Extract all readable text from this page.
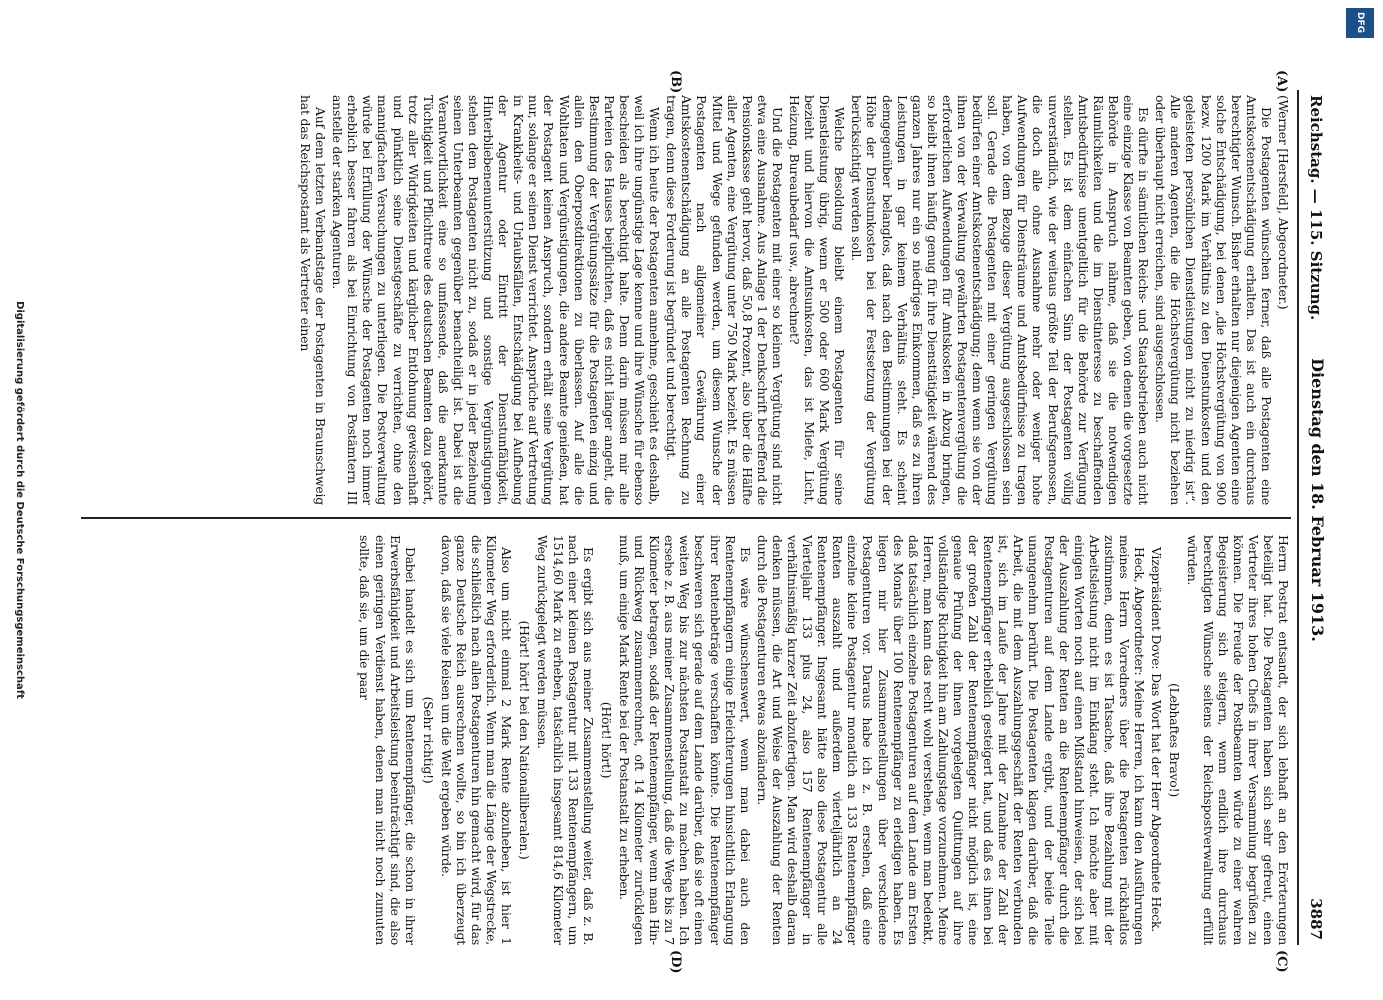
Reichstag. — 115. Sitzung.
Dienstag den 18. Februar 1913.
3887
(A)
(B)
(C)
(D)

(Werner [Hersfeld], Abgeordneter.)

Die Postagenten wünschen ferner, daß alle Postagenten eine Amtskostenentschädigung erhalten. Das ist auch ein durchaus berechtigter Wunsch. Bisher erhalten nur diejenigen Agenten eine solche Entschädigung, bei denen „die Höchstvergütung von 900 bezw. 1200 Mark im Verhältnis zu den Dienstunkosten und den geleisteten persönlichen Dienstleistungen nicht zu niedrig ist“. Alle anderen Agenten, die die Höchstvergütung nicht beziehen oder überhaupt nicht erreichen, sind ausgeschlossen.

Es dürfte in sämtlichen Reichs- und Staatsbetrieben auch nicht eine einzige Klasse von Beamten geben, von denen die vorgesetzte Behörde in Anspruch nähme, daß sie die notwendigen Räumlichkeiten und die im Dienstinteresse zu beschaffenden Amtsbedürfnisse unentgeltlich für die Behörde zur Verfügung stellen. Es ist dem einfachen Sinn der Postagenten völlig unverständlich, wie der weitaus größte Teil der Berufsgenossen, die doch alle ohne Ausnahme mehr oder weniger hohe Aufwendungen für Diensträume und Amtsbedürfnisse zu tragen haben, von dem Bezuge dieser Vergütung ausgeschlossen sein soll. Gerade die Postagenten mit einer geringen Vergütung bedürfen einer Amtskostenentschädigung; denn wenn sie von der ihnen von der Verwaltung gewährten Postagentenvergütung die erforderlichen Aufwendungen für Amtskosten in Abzug bringen, so bleibt ihnen häufig genug für ihre Diensttätigkeit während des ganzen Jahres nur ein so niedriges Einkommen, daß es zu ihren Leistungen in gar keinem Verhältnis steht. Es scheint demgegenüber belanglos, daß nach den Bestimmungen bei der Höhe der Dienstunkosten bei der Festsetzung der Vergütung berücksichtigt werden soll.

Welche Besoldung bleibt einem Postagenten für seine Dienstleistung übrig, wenn er 500 oder 600 Mark Vergütung bezieht und hiervon die Amtsunkosten, das ist Miete, Licht, Heizung, Bureaubedarf usw., abrechnet?

Und die Postagenten mit einer so kleinen Vergütung sind nicht etwa eine Ausnahme. Aus Anlage 1 der Denkschrift betreffend die Pensionskasse geht hervor, daß 50,8 Prozent, also über die Hälfte aller Agenten, eine Vergütung unter 750 Mark bezieht. Es müssen Mittel und Wege gefunden werden, um diesem Wunsche der Postagenten nach allgemeiner Gewährung einer Amtskostenentschädigung an alle Postagenten Rechnung zu tragen, denn diese Forderung ist begründet und berechtigt.

Wenn ich heute der Postagenten annehme, geschieht es deshalb, weil ich ihre ungünstige Lage kenne und ihre Wünsche für ebenso bescheiden als berechtigt halte. Denn darin müssen mir alle Parteien des Hauses beipflichten, daß es nicht länger angeht, die Bestimmung der Vergütungssätze für die Postagenten einzig und allein den Oberpostdirektionen zu überlassen. Auf alle die Wohltaten und Vergünstigungen, die andere Beamte genießen, hat der Postagent keinen Anspruch, sondern erhält seine Vergütung nur, solange er seinen Dienst verrichtet. Ansprüche auf Vertretung in Krankheits- und Urlaubsfällen, Entschädigung bei Aufhebung der Agentur oder Eintritt der Dienstunfähigkeit, Hinterbliebenenunterstützung und sonstige Vergünstigungen stehen dem Postagenten nicht zu, sodaß er in jeder Beziehung seinen Unterbeamten gegenüber benachteiligt ist. Dabei ist die Verantwortlichkeit eine so umfassende, daß die anerkannte Tüchtigkeit und Pflichttreue des deutschen Beamten dazu gehört, trotz aller Widrigkeiten und kärglicher Entlohnung gewissenhaft und pünktlich seine Dienstgeschäfte zu verrichten, ohne den mannigfachen Versuchungen zu unterliegen. Die Postverwaltung würde bei Erfüllung der Wünsche der Postagenten noch immer erheblich besser fahren als bei Einrichtung von Postämtern III anstelle der starken Agenturen.

Auf dem letzten Verbandstage der Postagenten in Braunschweig hat das Reichspostamt als Vertreter einen

Herrn Postrat entsandt, der sich lebhaft an den Erörterungen beteiligt hat. Die Postagenten haben sich sehr gefreut, einen Vertreter ihres hohen Chefs in ihrer Versammlung begrüßen zu können. Die Freude der Postbeamten würde zu einer wahren Begeisterung sich steigern, wenn endlich ihre durchaus berechtigten Wünsche seitens der Reichspostverwaltung erfüllt würden.

(Lebhaftes Bravo!)

Vizepräsident Dove: Das Wort hat der Herr Abgeordnete Heck.

Heck, Abgeordneter: Meine Herren, ich kann den Ausführungen meines Herrn Vorredners über die Postagenten rückhaltlos zustimmen, denn es ist Tatsache, daß ihre Bezahlung mit der Arbeitsleistung nicht im Einklang steht. Ich möchte aber mit einigen Worten noch auf einen Mißstand hinweisen, der sich bei der Auszahlung der Renten an die Rentenempfänger durch die Postagenturen auf dem Lande ergibt, und der beide Teile unangenehm berührt. Die Postagenten klagen darüber, daß die Arbeit, die mit dem Auszahlungsgeschäft der Renten verbunden ist, sich im Laufe der Jahre mit der Zunahme der Zahl der Rentenempfänger erheblich gesteigert hat, und daß es ihnen bei der großen Zahl der Rentenempfänger nicht möglich ist, eine genaue Prüfung der ihnen vorgelegten Quittungen auf ihre vollständige Richtigkeit hin am Zahlungstage vorzunehmen. Meine Herren, man kann das recht wohl verstehen, wenn man bedenkt, daß tatsächlich einzelne Postagenturen auf dem Lande am Ersten des Monats über 100 Rentenempfänger zu erledigen haben. Es liegen mir hier Zusammenstellungen über verschiedene Postagenturen vor. Daraus habe ich z. B. ersehen, daß eine einzelne kleine Postagentur monatlich an 133 Rentenempfänger Renten auszahlt und außerdem vierteljährlich an 24 Rentenempfänger. Insgesamt hätte also diese Postagentur alle Vierteljahr 133 plus 24, also 157 Rentenempfänger in verhältnismäßig kurzer Zeit abzufertigen. Man wird deshalb daran denken müssen, die Art und Weise der Auszahlung der Renten durch die Postagenturen etwas abzuändern.

Es wäre wünschenswert, wenn man dabei auch den Rentenempfängern einige Erleichterungen hinsichtlich Erlangung ihrer Rentenbeträge verschaffen könnte. Die Rentenempfänger beschweren sich gerade auf dem Lande darüber, daß sie oft einen weiten Weg bis zur nächsten Postanstalt zu machen haben. Ich ersehe z. B. aus meiner Zusammenstellung, daß die Wege bis zu 7 Kilometer betragen, sodaß der Rentenempfänger, wenn man Hin- und Rückweg zusammenrechnet, oft 14 Kilometer zurücklegen muß, um einige Mark Rente bei der Postanstalt zu erheben.

(Hört! hört!)

Es ergibt sich aus meiner Zusammenstellung weiter, daß z. B. nach einer kleinen Postagentur mit 133 Rentenempfängern, um 1514,60 Mark zu erheben, tatsächlich insgesamt 814,6 Kilometer Weg zurückgelegt werden müssen.

(Hört! hört! bei den Nationalliberalen.)

Also um nicht einmal 2 Mark Rente abzuheben, ist hier 1 Kilometer Weg erforderlich. Wenn man die Länge der Wegstrecke, die schließlich nach allen Postagenturen hin gemacht wird, für das ganze Deutsche Reich ausrechnen wollte, so bin ich überzeugt davon, daß sie viele Reisen um die Welt ergeben würde.

(Sehr richtig!)

Dabei handelt es sich um Rentenempfänger, die schon in ihrer Erwerbsfähigkeit und Arbeitsleistung beeinträchtigt sind, die also einen geringen Verdienst haben, denen man nicht noch zumuten sollte, daß sie, um die paar

Digitalisierung gefördert durch die Deutsche Forschungsgemeinschaft
DFG
